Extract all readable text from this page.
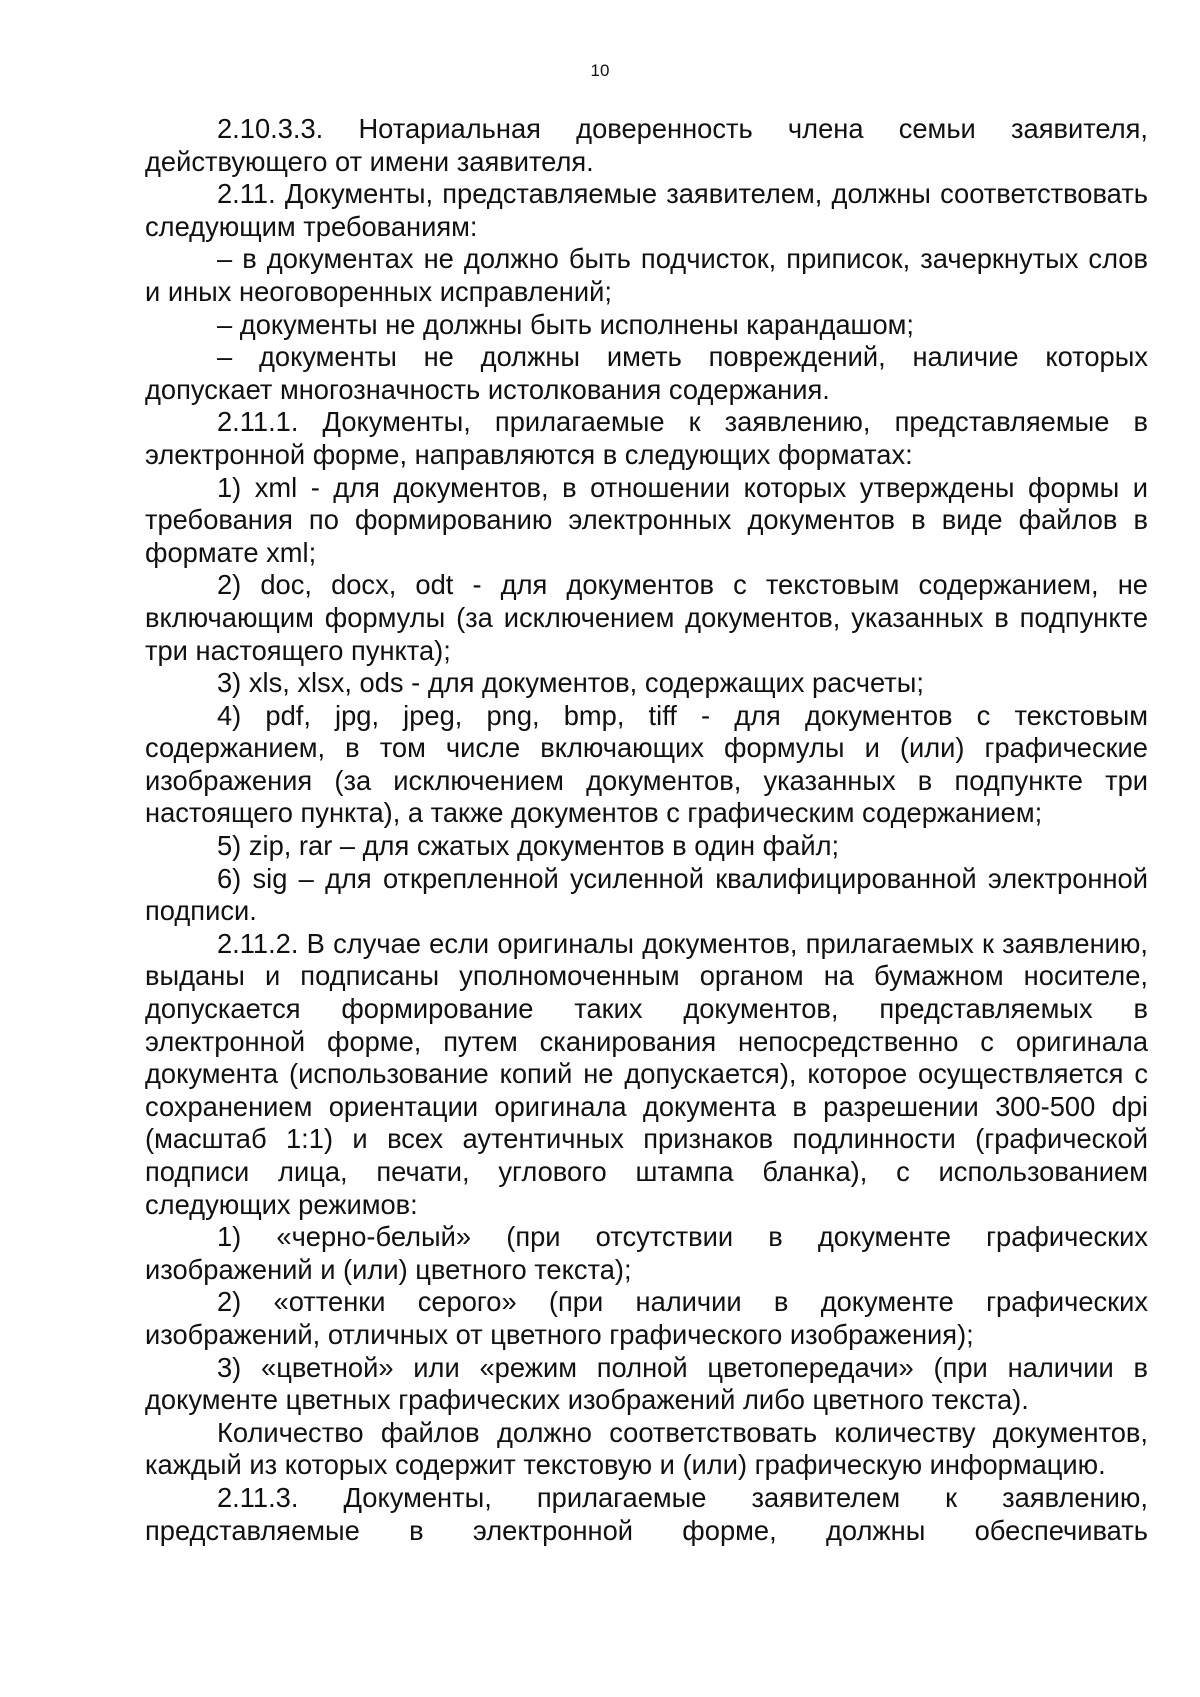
10

2.10.3.3. Нотариальная доверенность члена семьи заявителя, действующего от имени заявителя.

2.11. Документы, представляемые заявителем, должны соответствовать следующим требованиям:

– в документах не должно быть подчисток, приписок, зачеркнутых слов и иных неоговоренных исправлений;

– документы не должны быть исполнены карандашом;

– документы не должны иметь повреждений, наличие которых допускает многозначность истолкования содержания.

2.11.1. Документы, прилагаемые к заявлению, представляемые в электронной форме, направляются в следующих форматах:

1) xml - для документов, в отношении которых утверждены формы и требования по формированию электронных документов в виде файлов в формате xml;

2) doc, docx, odt - для документов с текстовым содержанием, не включающим формулы (за исключением документов, указанных в подпункте три настоящего пункта);

3) xls, xlsx, ods - для документов, содержащих расчеты;

4) pdf, jpg, jpeg, png, bmp, tiff - для документов с текстовым содержанием, в том числе включающих формулы и (или) графические изображения (за исключением документов, указанных в подпункте три настоящего пункта), а также документов с графическим содержанием;

5) zip, rar – для сжатых документов в один файл;

6) sig – для открепленной усиленной квалифицированной электронной подписи.

2.11.2. В случае если оригиналы документов, прилагаемых к заявлению, выданы и подписаны уполномоченным органом на бумажном носителе, допускается формирование таких документов, представляемых в электронной форме, путем сканирования непосредственно с оригинала документа (использование копий не допускается), которое осуществляется с сохранением ориентации оригинала документа в разрешении 300-500 dpi (масштаб 1:1) и всех аутентичных признаков подлинности (графической подписи лица, печати, углового штампа бланка), с использованием следующих режимов:

1) «черно-белый» (при отсутствии в документе графических изображений и (или) цветного текста);

2) «оттенки серого» (при наличии в документе графических изображений, отличных от цветного графического изображения);

3) «цветной» или «режим полной цветопередачи» (при наличии в документе цветных графических изображений либо цветного текста).

Количество файлов должно соответствовать количеству документов, каждый из которых содержит текстовую и (или) графическую информацию.

2.11.3. Документы, прилагаемые заявителем к заявлению, представляемые в электронной форме, должны обеспечивать
